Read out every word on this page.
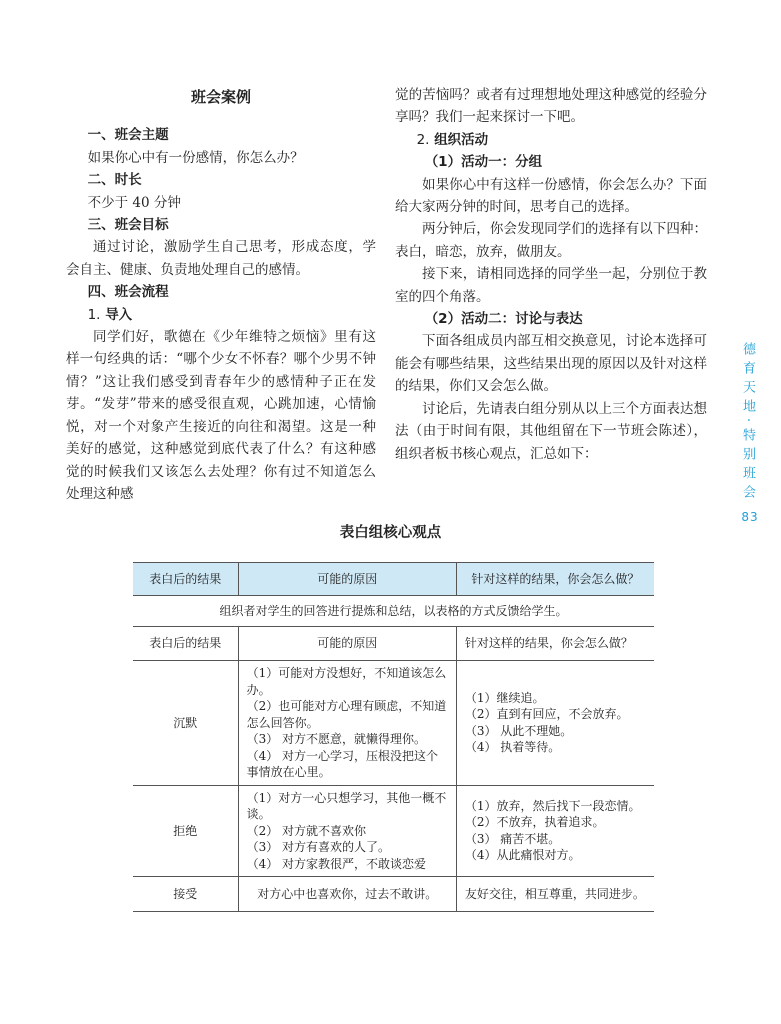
班会案例

一、班会主题

如果你心中有一份感情，你怎么办？

二、时长

不少于 40 分钟

三、班会目标

通过讨论，激励学生自己思考，形成态度，学会自主、健康、负责地处理自己的感情。

四、班会流程

1. 导入

同学们好，歌德在《少年维特之烦恼》里有这样一句经典的话：“哪个少女不怀春？哪个少男不钟情？”这让我们感受到青春年少的感情种子正在发芽。“发芽”带来的感受很直观，心跳加速，心情愉悦，对一个对象产生接近的向往和渴望。这是一种美好的感觉，这种感觉到底代表了什么？有这种感觉的时候我们又该怎么去处理？你有过不知道怎么处理这种感

觉的苦恼吗？或者有过理想地处理这种感觉的经验分享吗？我们一起来探讨一下吧。

2. 组织活动

（1）活动一：分组

如果你心中有这样一份感情，你会怎么办？下面给大家两分钟的时间，思考自己的选择。

两分钟后，你会发现同学们的选择有以下四种：表白，暗恋，放弃，做朋友。

接下来，请相同选择的同学坐一起，分别位于教室的四个角落。

（2）活动二：讨论与表达

下面各组成员内部互相交换意见，讨论本选择可能会有哪些结果，这些结果出现的原因以及针对这样的结果，你们又会怎么做。

讨论后，先请表白组分别从以上三个方面表达想法（由于时间有限，其他组留在下一节班会陈述），组织者板书核心观点，汇总如下：	德育天地·特别班会
83
表白组核心观点
表白后的结果	可能的原因	针对这样的结果，你会怎么做？
组织者对学生的回答进行提炼和总结，以表格的方式反馈给学生。		
表白后的结果	可能的原因	针对这样的结果，你会怎么做？
沉默	（1）可能对方没想好，不知道该怎么办。
（2）也可能对方心理有顾虑，不知道怎么回答你。
（3） 对方不愿意，就懒得理你。
（4） 对方一心学习，压根没把这个事情放在心里。	（1）继续追。
（2）直到有回应，不会放弃。
（3） 从此不理她。
（4） 执着等待。

拒绝	（1）对方一心只想学习，其他一概不谈。
（2） 对方就不喜欢你
（3） 对方有喜欢的人了。
（4） 对方家教很严，不敢谈恋爱	（1）放弃，然后找下一段恋情。
（2）不放弃，执着追求。
（3） 痛苦不堪。
（4）从此痛恨对方。

接受	对方心中也喜欢你，过去不敢讲。	友好交往，相互尊重，共同进步。
